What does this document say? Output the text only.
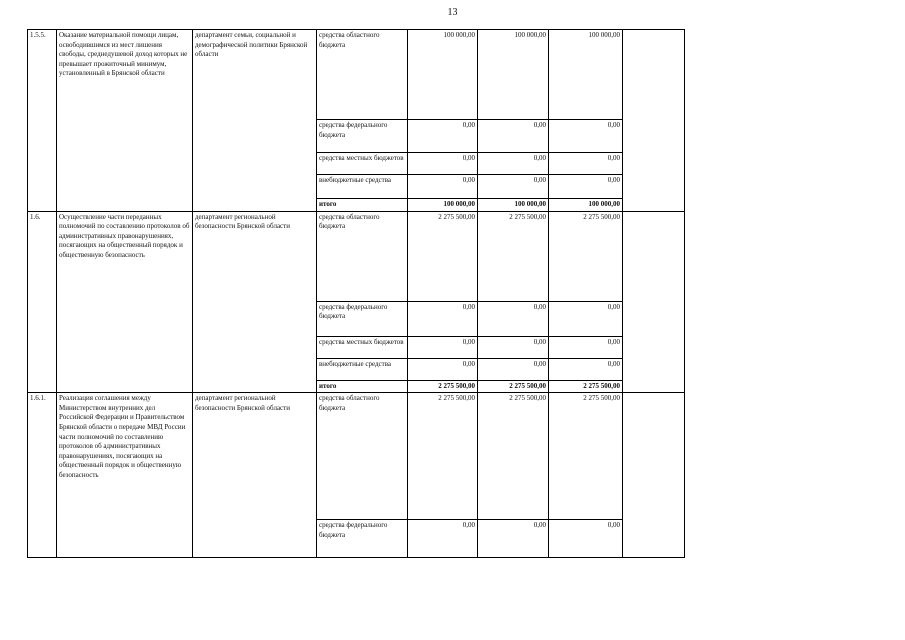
13
1.5.5.	Оказание материальной помощи лицам, освободившимся из мест лишения свободы, среднедушевой доход которых не превышает прожиточный минимум, установленный в Брянской области	департамент семьи, социальной и демографической политики Брянской области	средства областного бюджета	100 000,00	100 000,00	100 000,00	
			средства федерального бюджета	0,00	0,00	0,00	
			средства местных бюджетов	0,00	0,00	0,00	
			внебюджетные средства	0,00	0,00	0,00	
			итого	100 000,00	100 000,00	100 000,00	
1.6.	Осуществление части переданных полномочий по составлению протоколов об административных правонарушениях, посягающих на общественный порядок и общественную безопасность	департамент региональной безопасности Брянской области	средства областного бюджета	2 275 500,00	2 275 500,00	2 275 500,00	
			средства федерального бюджета	0,00	0,00	0,00	
			средства местных бюджетов	0,00	0,00	0,00	
			внебюджетные средства	0,00	0,00	0,00	
			итого	2 275 500,00	2 275 500,00	2 275 500,00	
1.6.1.	Реализация соглашения между Министерством внутренних дел Российской Федерации и Правительством Брянской области о передаче МВД России части полномочий по составлению протоколов об административных правонарушениях, посягающих на общественный порядок и общественную безопасность	департамент региональной безопасности Брянской области	средства областного бюджета	2 275 500,00	2 275 500,00	2 275 500,00	
			средства федерального бюджета	0,00	0,00	0,00	
